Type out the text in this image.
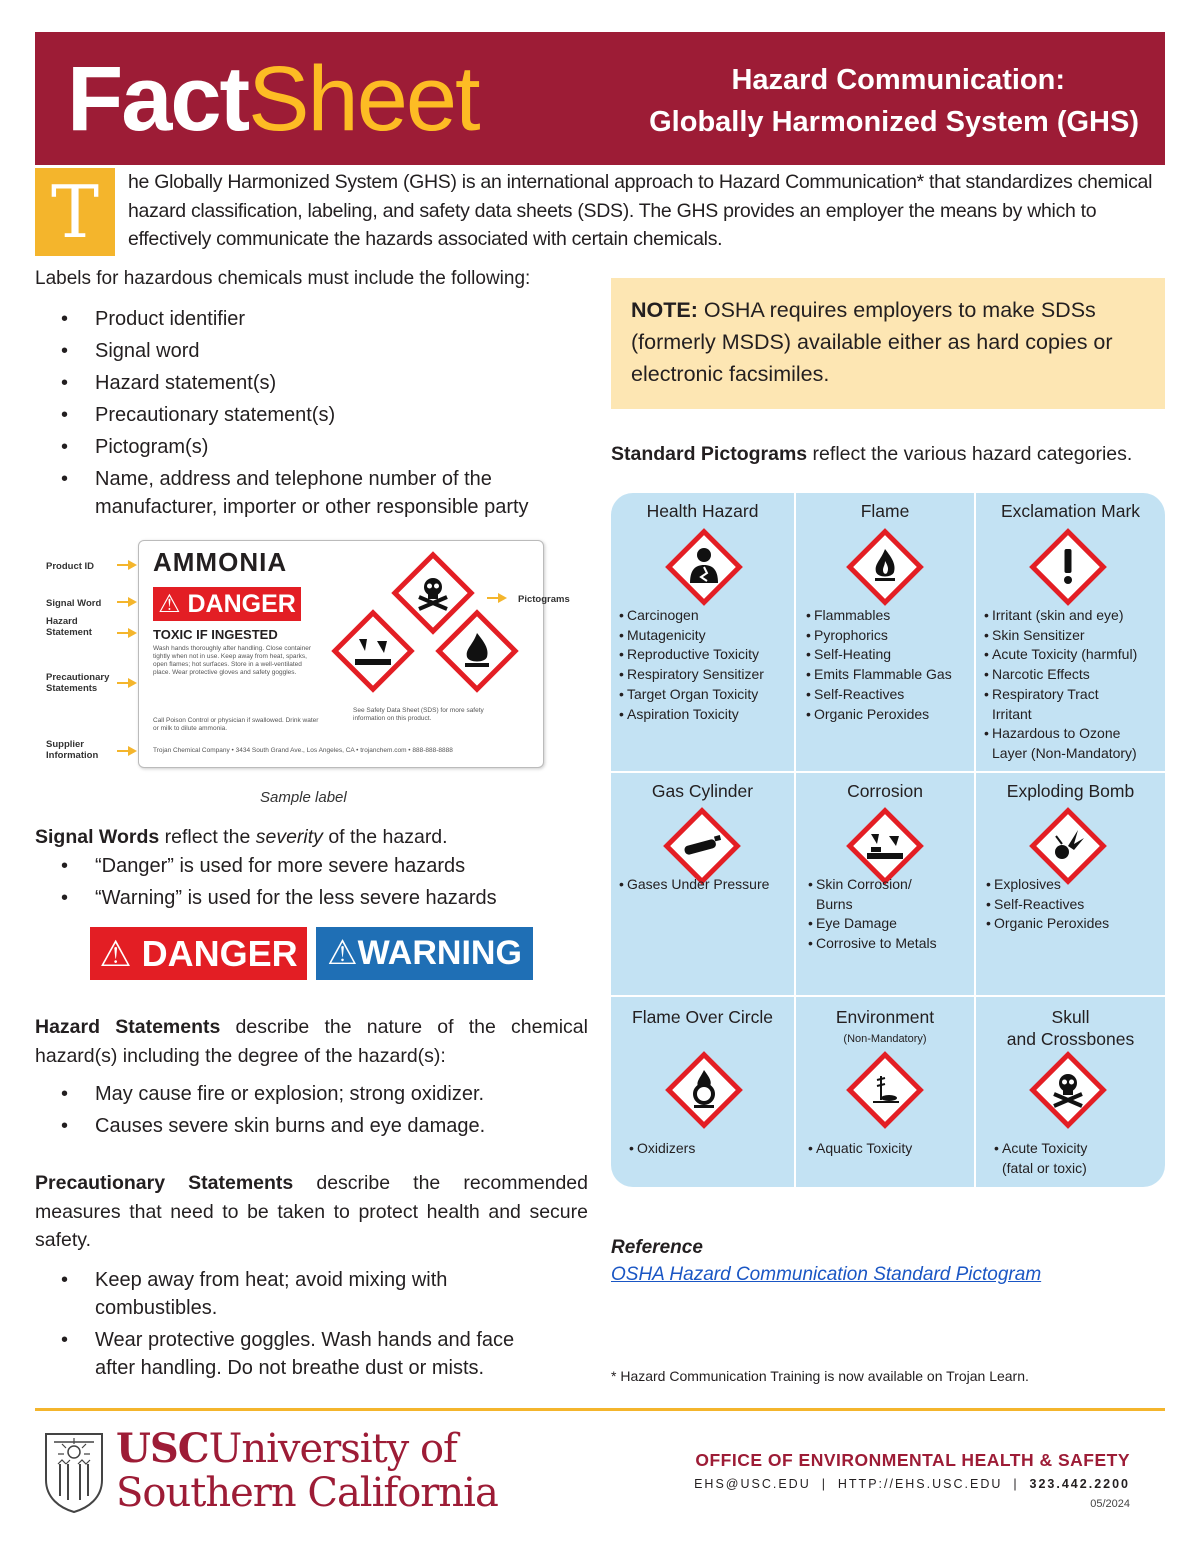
FactSheet	Hazard Communication:
Globally Harmonized System (GHS)
T	he Globally Harmonized System (GHS) is an international approach to Hazard Communication* that standardizes chemical hazard classification, labeling, and safety data sheets (SDS). The GHS provides an employer the means by which to effectively communicate the hazards associated with certain chemicals.
Labels for hazardous chemicals must include the following:
• Product identifier
• Signal word
• Hazard statement(s)
• Precautionary statement(s)
• Pictogram(s)
• Name, address and telephone number of the manufacturer, importer or other responsible party
Product ID
Signal Word
Hazard Statement
Precautionary Statements
Supplier Information
AMMONIA
⚠ DANGER
TOXIC IF INGESTED
Wash hands thoroughly after handling. Close container tightly when not in use. Keep away from heat, sparks, open flames; hot surfaces. Store in a well-ventilated place. Wear protective gloves and safety goggles.
Call Poison Control or physician if swallowed. Drink water or milk to dilute ammonia.
See Safety Data Sheet (SDS) for more safety information on this product.
Trojan Chemical Company • 3434 South Grand Ave., Los Angeles, CA • trojanchem.com • 888-888-8888
Pictograms
Sample label
Signal Words reflect the severity of the hazard.
• “Danger” is used for more severe hazards
• “Warning” is used for the less severe hazards
⚠ DANGER ⚠WARNING
Hazard Statements describe the nature of the chemical hazard(s) including the degree of the hazard(s):
• May cause fire or explosion; strong oxidizer.
• Causes severe skin burns and eye damage.
Precautionary Statements describe the recommended measures that need to be taken to protect health and secure safety.
• Keep away from heat; avoid mixing with combustibles.
• Wear protective goggles. Wash hands and face after handling. Do not breathe dust or mists.
NOTE: OSHA requires employers to make SDSs (formerly MSDS) available either as hard copies or electronic facsimiles.
Standard Pictograms reflect the various hazard categories.
Health Hazard
• Carcinogen
• Mutagenicity
• Reproductive Toxicity
• Respiratory Sensitizer
• Target Organ Toxicity
• Aspiration Toxicity
Flame
• Flammables
• Pyrophorics
• Self-Heating
• Emits Flammable Gas
• Self-Reactives
• Organic Peroxides
Exclamation Mark
• Irritant (skin and eye)
• Skin Sensitizer
• Acute Toxicity (harmful)
• Narcotic Effects
• Respiratory Tract
Irritant
• Hazardous to Ozone
Layer (Non-Mandatory)
Gas Cylinder
• Gases Under Pressure
Corrosion
• Skin Corrosion/
Burns
• Eye Damage
• Corrosive to Metals
Exploding Bomb
• Explosives
• Self-Reactives
• Organic Peroxides
Flame Over Circle
• Oxidizers
Environment
(Non-Mandatory)
• Aquatic Toxicity
Skull
and Crossbones
• Acute Toxicity
(fatal or toxic)
Reference
OSHA Hazard Communication Standard Pictogram
* Hazard Communication Training is now available on Trojan Learn.
USCUniversity of
Southern California
OFFICE OF ENVIRONMENTAL HEALTH & SAFETY
EHS@USC.EDU  |  HTTP://EHS.USC.EDU  |  323.442.2200
05/2024
